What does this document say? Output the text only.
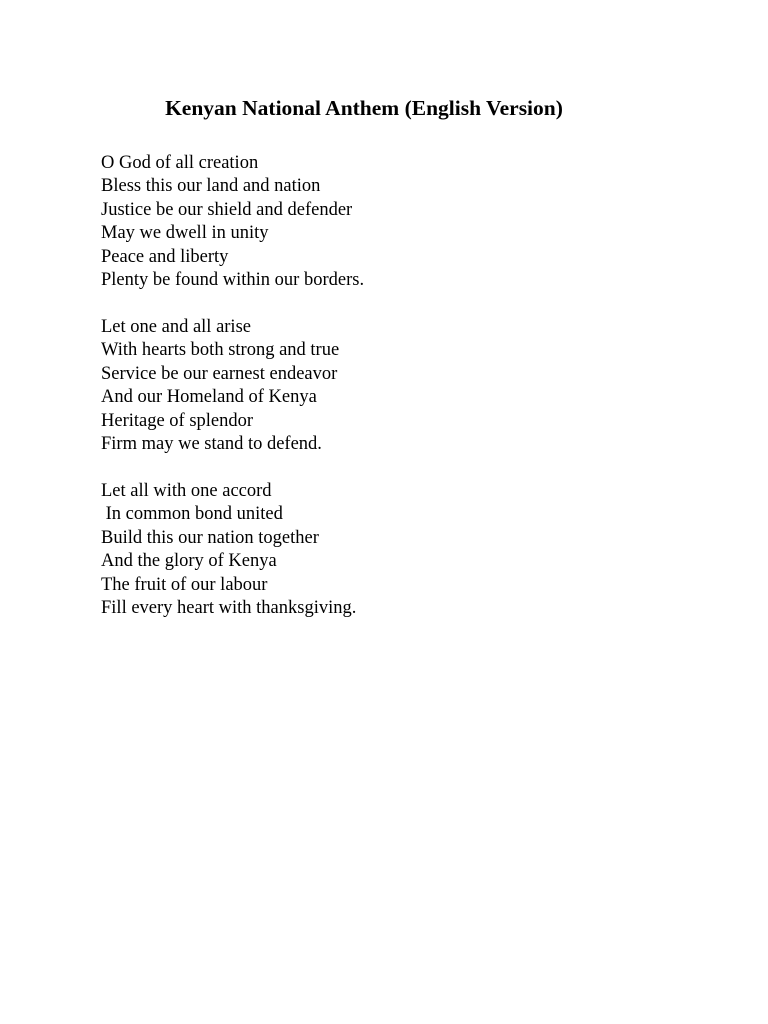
Kenyan National Anthem (English Version)
O God of all creation
Bless this our land and nation
Justice be our shield and defender
May we dwell in unity
Peace and liberty
Plenty be found within our borders.
Let one and all arise
With hearts both strong and true
Service be our earnest endeavor
And our Homeland of Kenya
Heritage of splendor
Firm may we stand to defend.
Let all with one accord
In common bond united
Build this our nation together
And the glory of Kenya
The fruit of our labour
Fill every heart with thanksgiving.
